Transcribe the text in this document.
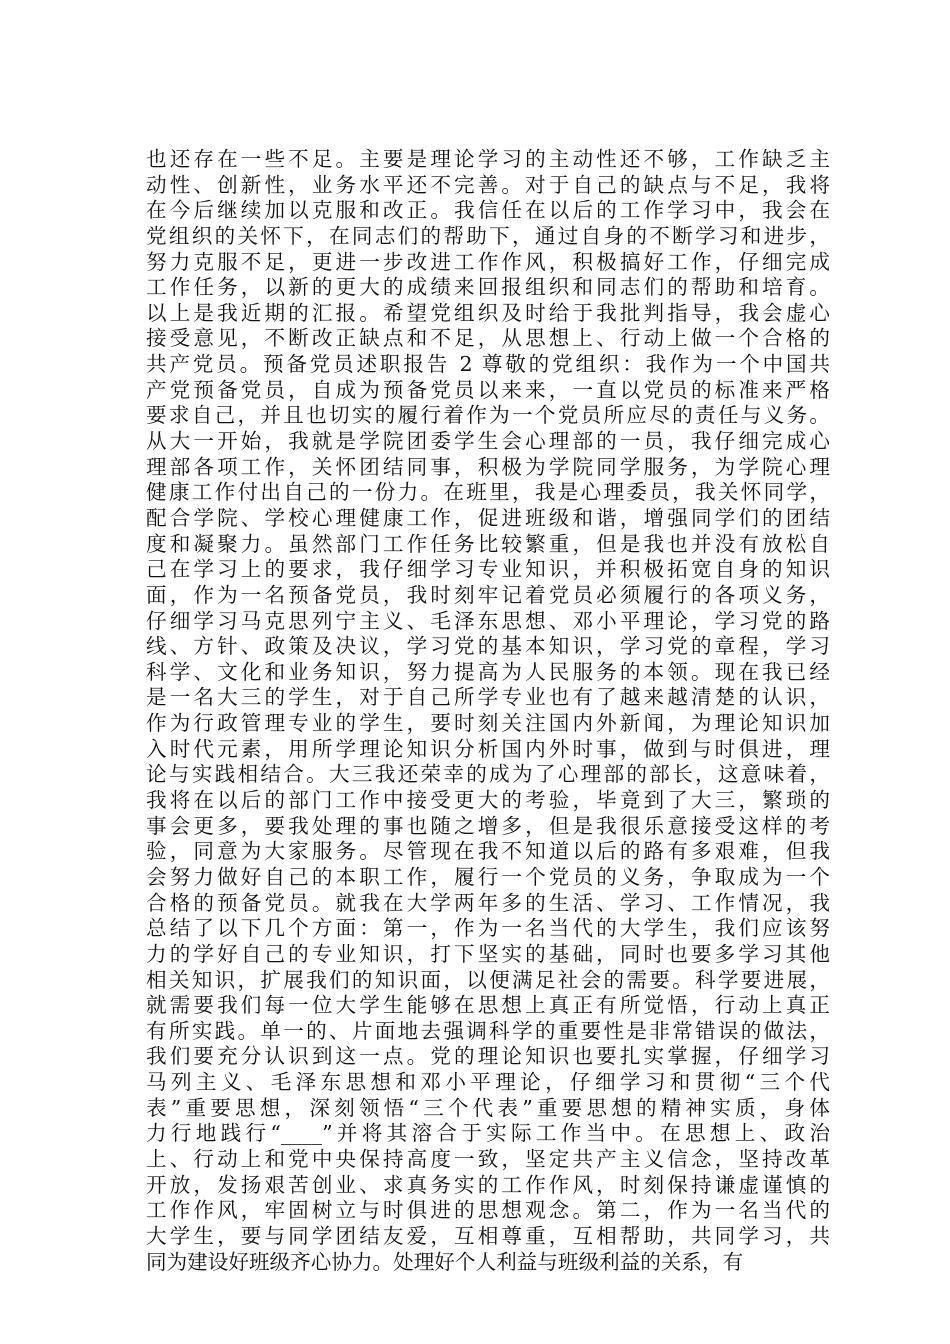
也还存在一些不足。主要是理论学习的主动性还不够，工作缺乏主
动性、创新性，业务水平还不完善。对于自己的缺点与不足，我将
在今后继续加以克服和改正。我信任在以后的工作学习中，我会在
党组织的关怀下，在同志们的帮助下，通过自身的不断学习和进步，
努力克服不足，更进一步改进工作作风，积极搞好工作，仔细完成
工作任务，以新的更大的成绩来回报组织和同志们的帮助和培育。
以上是我近期的汇报。希望党组织及时给于我批判指导，我会虚心
接受意见，不断改正缺点和不足，从思想上、行动上做一个合格的
共产党员。预备党员述职报告 2 尊敬的党组织：我作为一个中国共
产党预备党员，自成为预备党员以来来，一直以党员的标准来严格
要求自己，并且也切实的履行着作为一个党员所应尽的责任与义务。
从大一开始，我就是学院团委学生会心理部的一员，我仔细完成心
理部各项工作，关怀团结同事，积极为学院同学服务，为学院心理
健康工作付出自己的一份力。在班里，我是心理委员，我关怀同学，
配合学院、学校心理健康工作，促进班级和谐，增强同学们的团结
度和凝聚力。虽然部门工作任务比较繁重，但是我也并没有放松自
己在学习上的要求，我仔细学习专业知识，并积极拓宽自身的知识
面，作为一名预备党员，我时刻牢记着党员必须履行的各项义务，
仔细学习马克思列宁主义、毛泽东思想、邓小平理论，学习党的路
线、方针、政策及决议，学习党的基本知识，学习党的章程，学习
科学、文化和业务知识，努力提高为人民服务的本领。现在我已经
是一名大三的学生，对于自己所学专业也有了越来越清楚的认识，
作为行政管理专业的学生，要时刻关注国内外新闻，为理论知识加
入时代元素，用所学理论知识分析国内外时事，做到与时俱进，理
论与实践相结合。大三我还荣幸的成为了心理部的部长，这意味着，
我将在以后的部门工作中接受更大的考验，毕竟到了大三，繁琐的
事会更多，要我处理的事也随之增多，但是我很乐意接受这样的考
验，同意为大家服务。尽管现在我不知道以后的路有多艰难，但我
会努力做好自己的本职工作，履行一个党员的义务，争取成为一个
合格的预备党员。就我在大学两年多的生活、学习、工作情况，我
总结了以下几个方面：第一，作为一名当代的大学生，我们应该努
力的学好自己的专业知识，打下坚实的基础，同时也要多学习其他
相关知识，扩展我们的知识面，以便满足社会的需要。科学要进展，
就需要我们每一位大学生能够在思想上真正有所觉悟，行动上真正
有所实践。单一的、片面地去强调科学的重要性是非常错误的做法，
我们要充分认识到这一点。党的理论知识也要扎实掌握，仔细学习
马列主义、毛泽东思想和邓小平理论，仔细学习和贯彻“三个代
表”重要思想，深刻领悟“三个代表”重要思想的精神实质，身体
力行地践行“____”并将其溶合于实际工作当中。在思想上、政治
上、行动上和党中央保持高度一致，坚定共产主义信念，坚持改革
开放，发扬艰苦创业、求真务实的工作作风，时刻保持谦虚谨慎的
工作作风，牢固树立与时俱进的思想观念。第二，作为一名当代的
大学生，要与同学团结友爱，互相尊重，互相帮助，共同学习，共
同为建设好班级齐心协力。处理好个人利益与班级利益的关系，有
